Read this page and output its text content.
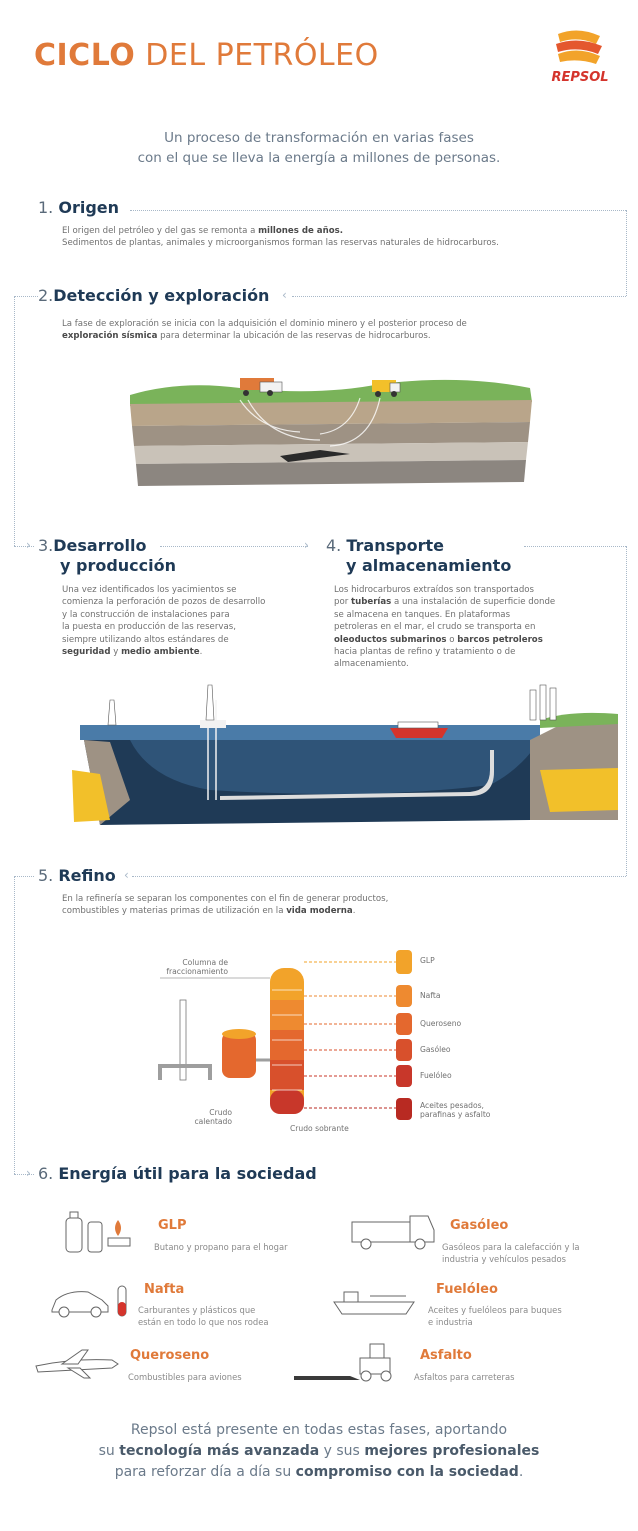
CICLO DEL PETRÓLEO
REPSOL
Un proceso de transformación en varias fases
con el que se lleva la energía a millones de personas.
‹
›	›
‹
›
1. Origen
El origen del petróleo y del gas se remonta a millones de años.
Sedimentos de plantas, animales y microorganismos forman las reservas naturales de hidrocarburos.
2.Detección y exploración
La fase de exploración se inicia con la adquisición el dominio minero y el posterior proceso de
exploración sísmica para determinar la ubicación de las reservas de hidrocarburos.
3.Desarrollo
y producción
Una vez identificados los yacimientos se
comienza la perforación de pozos de desarrollo
y la construcción de instalaciones para
la puesta en producción de las reservas,
siempre utilizando altos estándares de
seguridad y medio ambiente.
4. Transporte
y almacenamiento
Los hidrocarburos extraídos son transportados
por tuberías a una instalación de superficie donde
se almacena en tanques. En plataformas
petroleras en el mar, el crudo se transporta en
oleoductos submarinos o barcos petroleros
hacia plantas de refino y tratamiento o de
almacenamiento.
5. Refino
En la refinería se separan los componentes con el fin de generar productos,
combustibles y materias primas de utilización en la vida moderna.
Columna de
fraccionamiento
Crudo
calentado
Crudo sobrante
GLP
Nafta
Queroseno
Gasóleo
Fuelóleo
Aceites pesados,
parafinas y asfalto
6. Energía útil para la sociedad
GLP
Butano y propano para el hogar
Gasóleo
Gasóleos para la calefacción y la
industria y vehículos pesados
Nafta
Carburantes y plásticos que
están en todo lo que nos rodea
Fuelóleo
Aceites y fuelóleos para buques
e industria
Queroseno
Combustibles para aviones
Asfalto
Asfaltos para carreteras
Repsol está presente en todas estas fases, aportando
su tecnología más avanzada y sus mejores profesionales
para reforzar día a día su compromiso con la sociedad.
